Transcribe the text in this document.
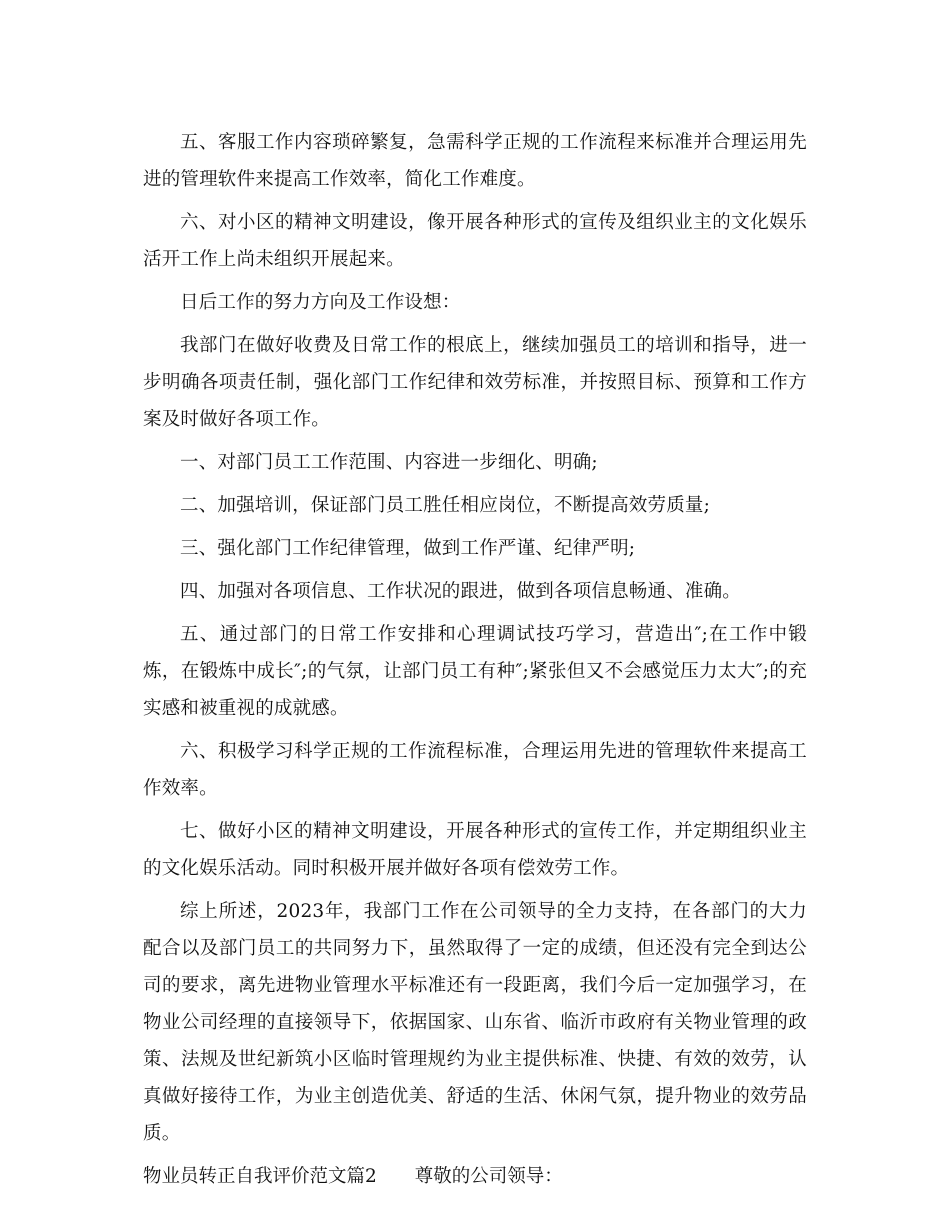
五、客服工作内容琐碎繁复，急需科学正规的工作流程来标准并合理运用先进的管理软件来提高工作效率，简化工作难度。

六、对小区的精神文明建设，像开展各种形式的宣传及组织业主的文化娱乐活开工作上尚未组织开展起来。

日后工作的努力方向及工作设想：

我部门在做好收费及日常工作的根底上，继续加强员工的培训和指导，进一步明确各项责任制，强化部门工作纪律和效劳标准，并按照目标、预算和工作方案及时做好各项工作。

一、对部门员工工作范围、内容进一步细化、明确;

二、加强培训，保证部门员工胜任相应岗位，不断提高效劳质量;

三、强化部门工作纪律管理，做到工作严谨、纪律严明;

四、加强对各项信息、工作状况的跟进，做到各项信息畅通、准确。

五、通过部门的日常工作安排和心理调试技巧学习，营造出″;在工作中锻炼，在锻炼中成长″;的气氛，让部门员工有种″;紧张但又不会感觉压力太大″;的充实感和被重视的成就感。

六、积极学习科学正规的工作流程标准，合理运用先进的管理软件来提高工作效率。

七、做好小区的精神文明建设，开展各种形式的宣传工作，并定期组织业主的文化娱乐活动。同时积极开展并做好各项有偿效劳工作。

综上所述，2023年，我部门工作在公司领导的全力支持，在各部门的大力配合以及部门员工的共同努力下，虽然取得了一定的成绩，但还没有完全到达公司的要求，离先进物业管理水平标准还有一段距离，我们今后一定加强学习，在物业公司经理的直接领导下，依据国家、山东省、临沂市政府有关物业管理的政策、法规及世纪新筑小区临时管理规约为业主提供标准、快捷、有效的效劳，认真做好接待工作，为业主创造优美、舒适的生活、休闲气氛，提升物业的效劳品质。

物业员转正自我评价范文篇2 尊敬的公司领导：
